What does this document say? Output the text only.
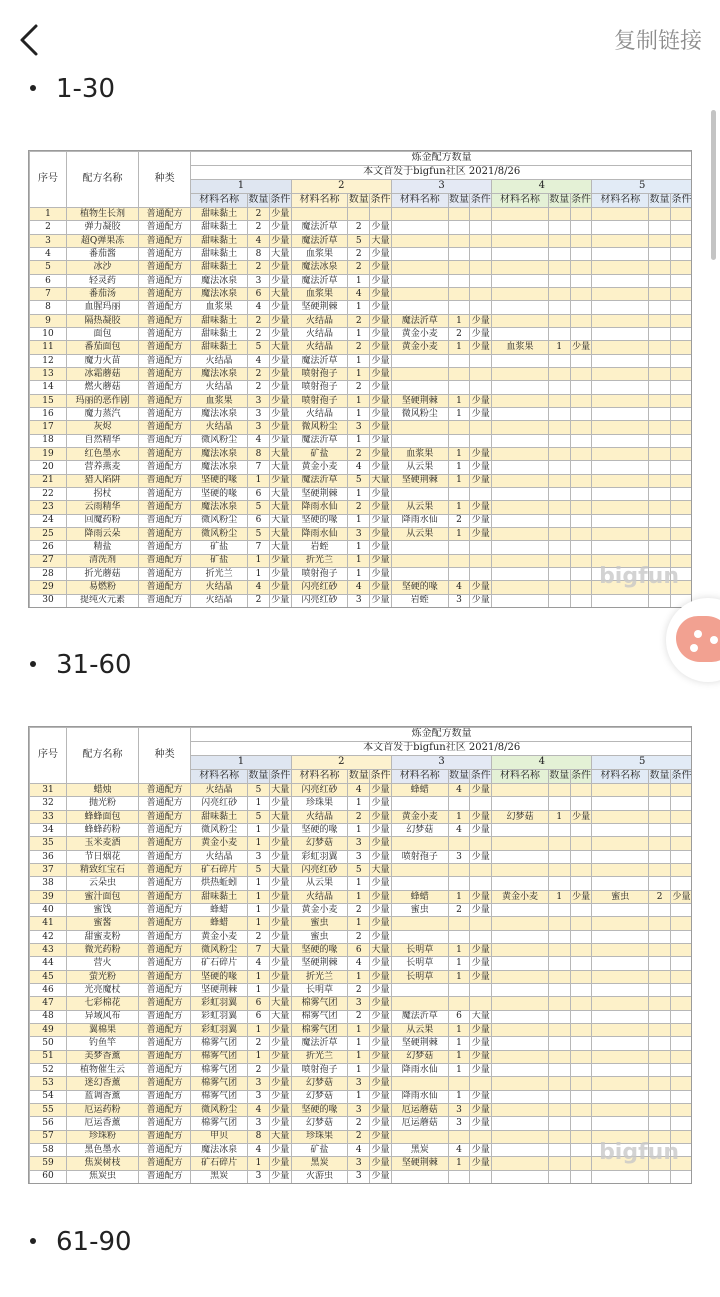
复制链接
1-30
序号	配方名称	种类	炼金配方数量														
			本文首发于bigfun社区 2021/8/26														
			1			2			3			4			5		
			材料名称	数量	条件	材料名称	数量	条件	材料名称	数量	条件	材料名称	数量	条件	材料名称	数量	条件
1	植物生长剂	普通配方	甜味黏土	2	少量												
2	弹力凝胶	普通配方	甜味黏土	2	少量	魔法沂草	2	少量									
3	超Q弹果冻	普通配方	甜味黏土	4	少量	魔法沂草	5	大量									
4	番茄酱	普通配方	甜味黏土	8	大量	血浆果	2	少量									
5	冰沙	普通配方	甜味黏土	2	少量	魔法冰泉	2	少量									
6	轻灵药	普通配方	魔法冰泉	3	少量	魔法沂草	1	少量									
7	番茄汤	普通配方	魔法冰泉	6	大量	血浆果	4	少量									
8	血腥玛丽	普通配方	血浆果	4	少量	坚硬荆棘	1	少量									
9	隔热凝胶	普通配方	甜味黏土	2	少量	火结晶	2	少量	魔法沂草	1	少量						
10	面包	普通配方	甜味黏土	2	少量	火结晶	1	少量	黄金小麦	2	少量						
11	番茄面包	普通配方	甜味黏土	5	大量	火结晶	2	少量	黄金小麦	1	少量	血浆果	1	少量			
12	魔力火苗	普通配方	火结晶	4	少量	魔法沂草	1	少量									
13	冰霜蘑菇	普通配方	魔法冰泉	2	少量	喷射孢子	1	少量									
14	燃火蘑菇	普通配方	火结晶	2	少量	喷射孢子	2	少量									
15	玛丽的恶作剧	普通配方	血浆果	3	少量	喷射孢子	1	少量	坚硬荆棘	1	少量						
16	魔力蒸汽	普通配方	魔法冰泉	3	少量	火结晶	1	少量	微风粉尘	1	少量						
17	灰烬	普通配方	火结晶	3	少量	微风粉尘	3	少量									
18	自然精华	普通配方	微风粉尘	4	少量	魔法沂草	1	少量									
19	红色墨水	普通配方	魔法冰泉	8	大量	矿盐	2	少量	血浆果	1	少量						
20	营养燕麦	普通配方	魔法冰泉	7	大量	黄金小麦	4	少量	从云果	1	少量						
21	猎人陷阱	普通配方	坚硬的喙	1	少量	魔法沂草	5	大量	坚硬荆棘	1	少量						
22	拐杖	普通配方	坚硬的喙	6	大量	坚硬荆棘	1	少量									
23	云雨精华	普通配方	魔法冰泉	5	大量	降雨水仙	2	少量	从云果	1	少量						
24	回魔药粉	普通配方	微风粉尘	6	大量	坚硬的喙	1	少量	降雨水仙	2	少量						
25	降雨云朵	普通配方	微风粉尘	5	大量	降雨水仙	3	少量	从云果	1	少量						
26	精盐	普通配方	矿盐	7	大量	岩蛭	1	少量									
27	清洗剂	普通配方	矿盐	1	少量	折光兰	1	少量									
28	折光蘑菇	普通配方	折光兰	1	少量	喷射孢子	1	少量									
29	易燃粉	普通配方	火结晶	4	少量	闪亮红砂	4	少量	坚硬的喙	4	少量						
30	提纯火元素	普通配方	火结晶	2	少量	闪亮红砂	3	少量	岩蛭	3	少量						
bigfun
31-60
序号	配方名称	种类	炼金配方数量														
			本文首发于bigfun社区 2021/8/26														
			1			2			3			4			5		
			材料名称	数量	条件	材料名称	数量	条件	材料名称	数量	条件	材料名称	数量	条件	材料名称	数量	条件
31	蜡烛	普通配方	火结晶	5	大量	闪亮红砂	4	少量	蜂蜡	4	少量						
32	抛光粉	普通配方	闪亮红砂	1	少量	珍珠果	1	少量									
33	蜂蜂面包	普通配方	甜味黏土	5	大量	火结晶	2	少量	黄金小麦	1	少量	幻梦菇	1	少量			
34	蜂蜂药粉	普通配方	微风粉尘	1	少量	坚硬的喙	1	少量	幻梦菇	4	少量						
35	玉米麦酒	普通配方	黄金小麦	1	少量	幻梦菇	3	少量									
36	节日烟花	普通配方	火结晶	3	少量	彩虹羽翼	3	少量	喷射孢子	3	少量						
37	精致红宝石	普通配方	矿石碎片	5	大量	闪亮红砂	5	大量									
38	云朵虫	普通配方	烘热蚯蚓	1	少量	从云果	1	少量									
39	蜜汁面包	普通配方	甜味黏土	1	少量	火结晶	1	少量	蜂蜡	1	少量	黄金小麦	1	少量	蜜虫	2	少量
40	蜜饯	普通配方	蜂蜡	1	少量	黄金小麦	2	少量	蜜虫	2	少量						
41	蜜酱	普通配方	蜂蜡	1	少量	蜜虫	1	少量									
42	甜蜜麦粉	普通配方	黄金小麦	2	少量	蜜虫	2	少量									
43	微光药粉	普通配方	微风粉尘	7	大量	坚硬的喙	6	大量	长明草	1	少量						
44	营火	普通配方	矿石碎片	4	少量	坚硬荆棘	4	少量	长明草	1	少量						
45	萤光粉	普通配方	坚硬的喙	1	少量	折光兰	1	少量	长明草	1	少量						
46	光亮魔杖	普通配方	坚硬荆棘	1	少量	长明草	2	少量									
47	七彩棉花	普通配方	彩虹羽翼	6	大量	棉雾气团	3	少量									
48	异域风布	普通配方	彩虹羽翼	6	大量	棉雾气团	2	少量	魔法沂草	6	大量						
49	翼棉果	普通配方	彩虹羽翼	1	少量	棉雾气团	1	少量	从云果	1	少量						
50	钓鱼竿	普通配方	棉雾气团	2	少量	魔法沂草	1	少量	坚硬荆棘	1	少量						
51	美梦香薰	普通配方	棉雾气团	1	少量	折光兰	1	少量	幻梦菇	1	少量						
52	植物催生云	普通配方	棉雾气团	2	少量	喷射孢子	1	少量	降雨水仙	1	少量						
53	迷幻香薰	普通配方	棉雾气团	3	少量	幻梦菇	3	少量									
54	蓝调香薰	普通配方	棉雾气团	3	少量	幻梦菇	1	少量	降雨水仙	1	少量						
55	厄运药粉	普通配方	微风粉尘	4	少量	坚硬的喙	3	少量	厄运蘑菇	3	少量						
56	厄运香薰	普通配方	棉雾气团	3	少量	幻梦菇	2	少量	厄运蘑菇	3	少量						
57	珍珠粉	普通配方	甲贝	8	大量	珍珠果	2	少量									
58	黑色墨水	普通配方	魔法冰泉	4	少量	矿盐	4	少量	黑炭	4	少量						
59	焦炭树枝	普通配方	矿石碎片	1	少量	黑炭	3	少量	坚硬荆棘	1	少量						
60	焦炭虫	普通配方	黑炭	3	少量	火游虫	3	少量									
bigfun
61-90
